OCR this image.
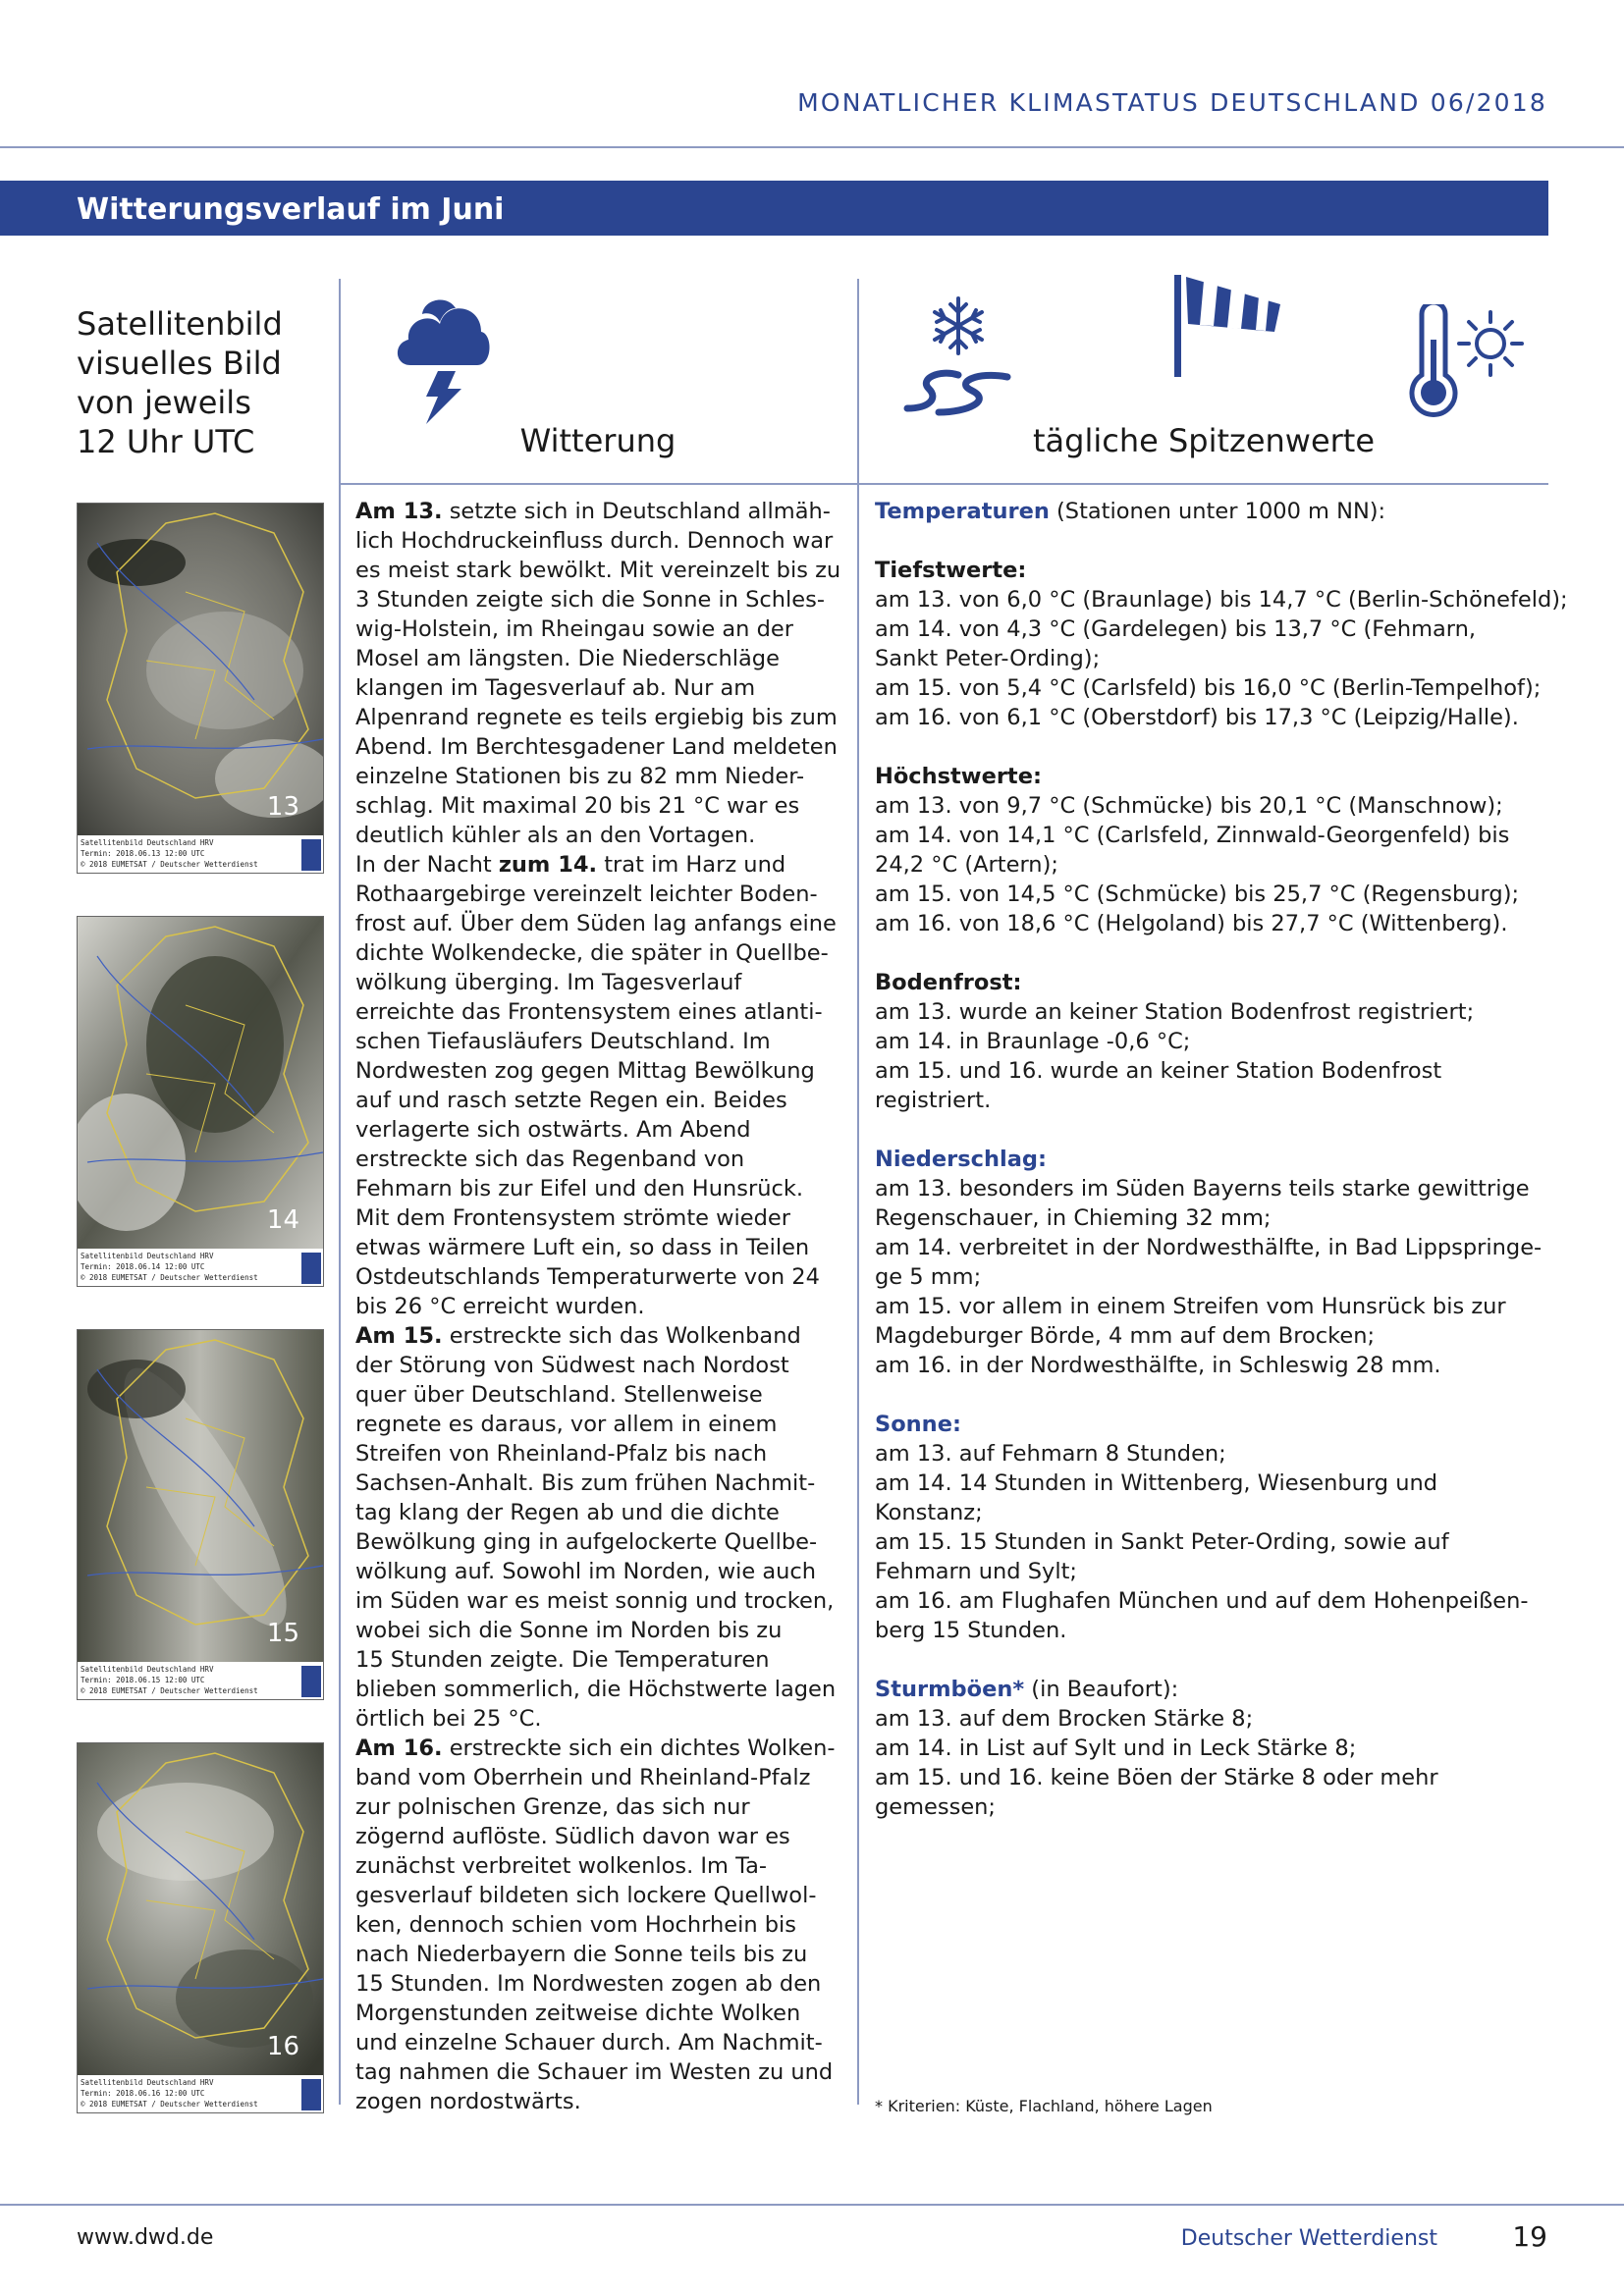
MONATLICHER KLIMASTATUS DEUTSCHLAND 06/2018
Witterungsverlauf im Juni
Satellitenbild
visuelles Bild
von jeweils
12 Uhr UTC	Witterung	tägliche Spitzenwerte
13
Satellitenbild Deutschland HRV
Termin: 2018.06.13 12:00 UTC
© 2018 EUMETSAT / Deutscher Wetterdienst
14
Satellitenbild Deutschland HRV
Termin: 2018.06.14 12:00 UTC
© 2018 EUMETSAT / Deutscher Wetterdienst
15
Satellitenbild Deutschland HRV
Termin: 2018.06.15 12:00 UTC
© 2018 EUMETSAT / Deutscher Wetterdienst
16
Satellitenbild Deutschland HRV
Termin: 2018.06.16 12:00 UTC
© 2018 EUMETSAT / Deutscher Wetterdienst

Am 13. setzte sich in Deutschland allmäh-

lich Hochdruckeinfluss durch. Dennoch war

es meist stark bewölkt. Mit vereinzelt bis zu

3 Stunden zeigte sich die Sonne in Schles-

wig-Holstein, im Rheingau sowie an der

Mosel am längsten. Die Niederschläge

klangen im Tagesverlauf ab. Nur am

Alpenrand regnete es teils ergiebig bis zum

Abend. Im Berchtesgadener Land meldeten

einzelne Stationen bis zu 82 mm Nieder-

schlag. Mit maximal 20 bis 21 °C war es

deutlich kühler als an den Vortagen.

In der Nacht zum 14. trat im Harz und

Rothaargebirge vereinzelt leichter Boden-

frost auf. Über dem Süden lag anfangs eine

dichte Wolkendecke, die später in Quellbe-

wölkung überging. Im Tagesverlauf

erreichte das Frontensystem eines atlanti-

schen Tiefausläufers Deutschland. Im

Nordwesten zog gegen Mittag Bewölkung

auf und rasch setzte Regen ein. Beides

verlagerte sich ostwärts. Am Abend

erstreckte sich das Regenband von

Fehmarn bis zur Eifel und den Hunsrück.

Mit dem Frontensystem strömte wieder

etwas wärmere Luft ein, so dass in Teilen

Ostdeutschlands Temperaturwerte von 24

bis 26 °C erreicht wurden.

Am 15. erstreckte sich das Wolkenband

der Störung von Südwest nach Nordost

quer über Deutschland. Stellenweise

regnete es daraus, vor allem in einem

Streifen von Rheinland-Pfalz bis nach

Sachsen-Anhalt. Bis zum frühen Nachmit-

tag klang der Regen ab und die dichte

Bewölkung ging in aufgelockerte Quellbe-

wölkung auf. Sowohl im Norden, wie auch

im Süden war es meist sonnig und trocken,

wobei sich die Sonne im Norden bis zu

15 Stunden zeigte. Die Temperaturen

blieben sommerlich, die Höchstwerte lagen

örtlich bei 25 °C.

Am 16. erstreckte sich ein dichtes Wolken-

band vom Oberrhein und Rheinland-Pfalz

zur polnischen Grenze, das sich nur

zögernd auflöste. Südlich davon war es

zunächst verbreitet wolkenlos. Im Ta-

gesverlauf bildeten sich lockere Quellwol-

ken, dennoch schien vom Hochrhein bis

nach Niederbayern die Sonne teils bis zu

15 Stunden. Im Nordwesten zogen ab den

Morgenstunden zeitweise dichte Wolken

und einzelne Schauer durch. Am Nachmit-

tag nahmen die Schauer im Westen zu und

zogen nordostwärts.

Temperaturen (Stationen unter 1000 m NN):

Tiefstwerte:

am 13. von 6,0 °C (Braunlage) bis 14,7 °C (Berlin-Schönefeld);

am 14. von 4,3 °C (Gardelegen) bis 13,7 °C (Fehmarn,

Sankt Peter-Ording);

am 15. von 5,4 °C (Carlsfeld) bis 16,0 °C (Berlin-Tempelhof);

am 16. von 6,1 °C (Oberstdorf) bis 17,3 °C (Leipzig/Halle).

Höchstwerte:

am 13. von 9,7 °C (Schmücke) bis 20,1 °C (Manschnow);

am 14. von 14,1 °C (Carlsfeld, Zinnwald-Georgenfeld) bis

24,2 °C (Artern);

am 15. von 14,5 °C (Schmücke) bis 25,7 °C (Regensburg);

am 16. von 18,6 °C (Helgoland) bis 27,7 °C (Wittenberg).

Bodenfrost:

am 13. wurde an keiner Station Bodenfrost registriert;

am 14. in Braunlage -0,6 °C;

am 15. und 16. wurde an keiner Station Bodenfrost

registriert.

Niederschlag:

am 13. besonders im Süden Bayerns teils starke gewittrige

Regenschauer, in Chieming 32 mm;

am 14. verbreitet in der Nordwesthälfte, in Bad Lippspringe-

ge 5 mm;

am 15. vor allem in einem Streifen vom Hunsrück bis zur

Magdeburger Börde, 4 mm auf dem Brocken;

am 16. in der Nordwesthälfte, in Schleswig 28 mm.

Sonne:

am 13. auf Fehmarn 8 Stunden;

am 14. 14 Stunden in Wittenberg, Wiesenburg und

Konstanz;

am 15. 15 Stunden in Sankt Peter-Ording, sowie auf

Fehmarn und Sylt;

am 16. am Flughafen München und auf dem Hohenpeißen-

berg 15 Stunden.

Sturmböen* (in Beaufort):

am 13. auf dem Brocken Stärke 8;

am 14. in List auf Sylt und in Leck Stärke 8;

am 15. und 16. keine Böen der Stärke 8 oder mehr

gemessen;

* Kriterien: Küste, Flachland, höhere Lagen
www.dwd.de	Deutscher Wetterdienst	19
